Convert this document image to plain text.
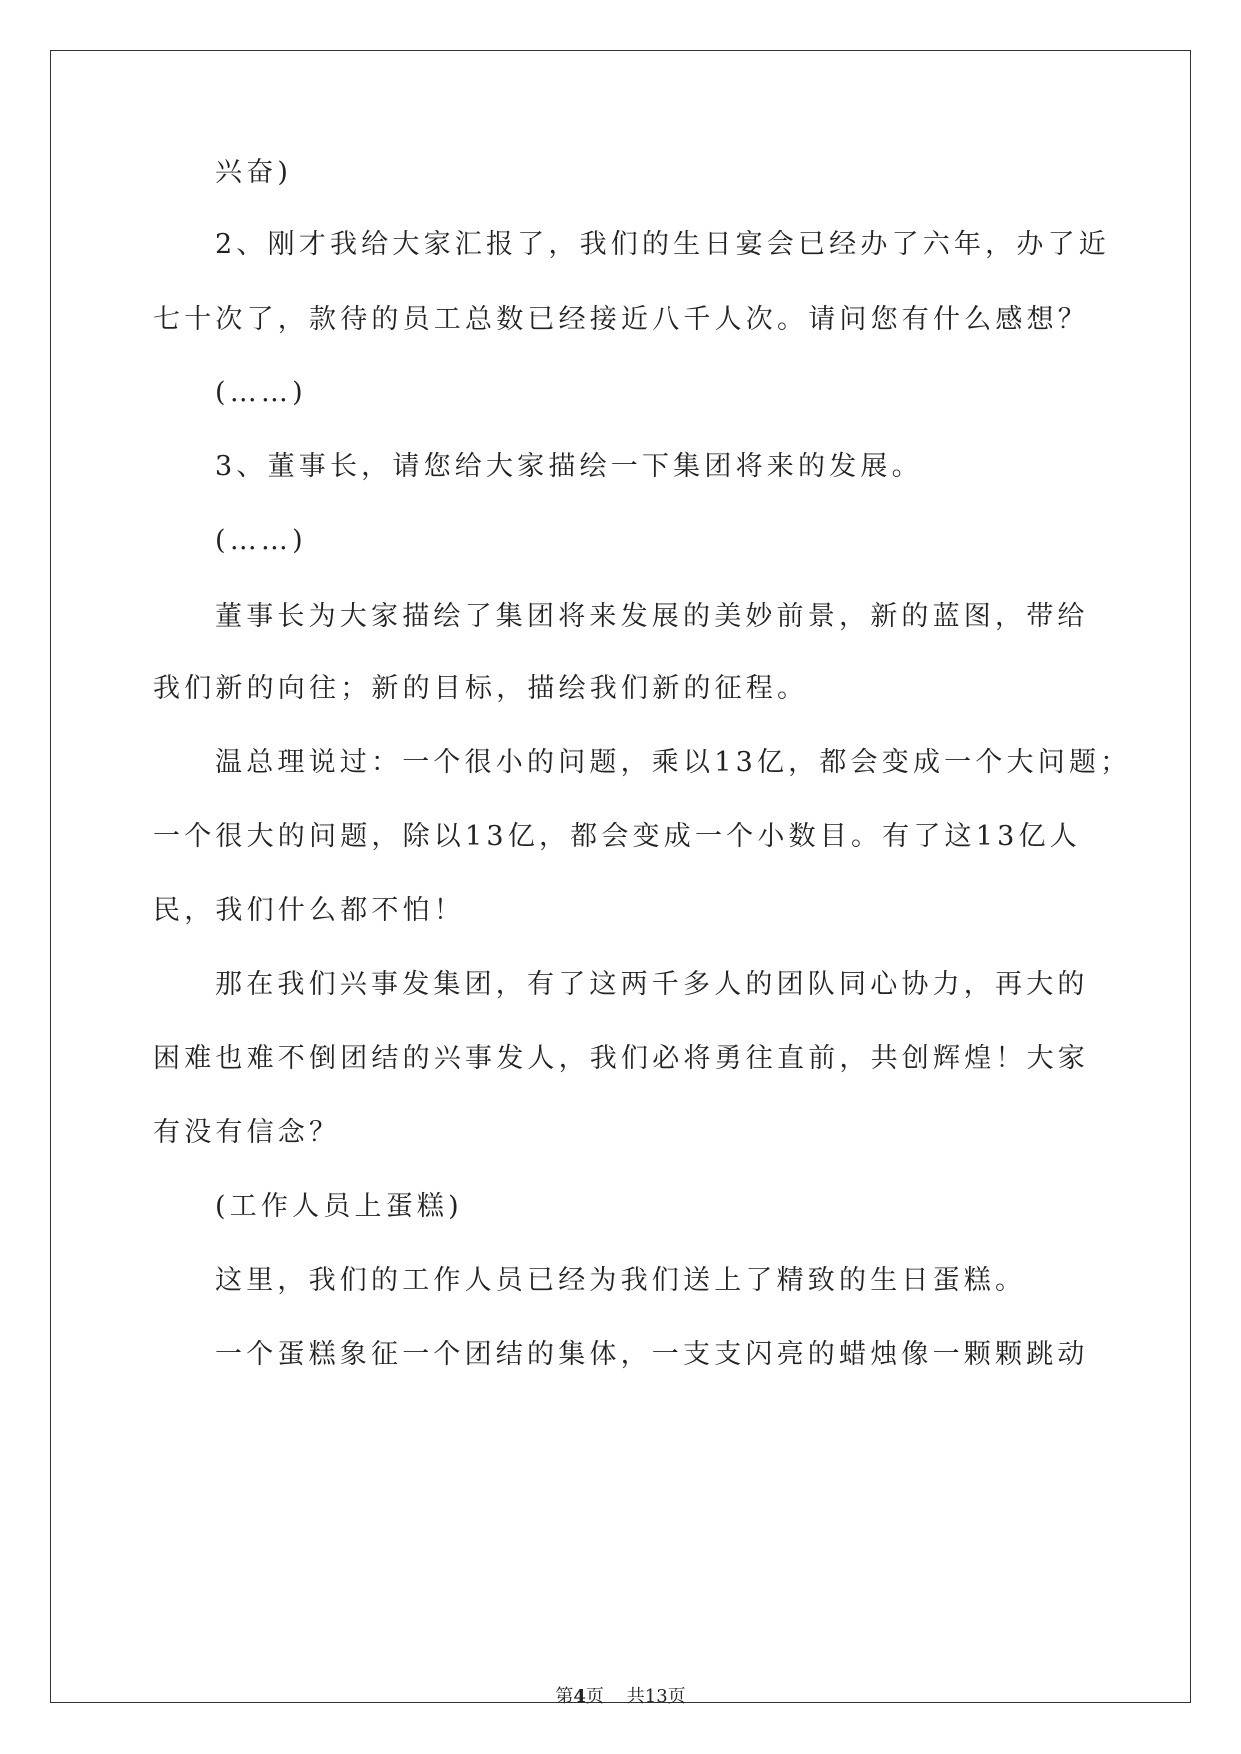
兴奋)
2、刚才我给大家汇报了，我们的生日宴会已经办了六年，办了近
七十次了，款待的员工总数已经接近八千人次。请问您有什么感想？
(……)
3、董事长，请您给大家描绘一下集团将来的发展。
(……)
董事长为大家描绘了集团将来发展的美妙前景，新的蓝图，带给
我们新的向往；新的目标，描绘我们新的征程。
温总理说过：一个很小的问题，乘以13亿，都会变成一个大问题；
一个很大的问题，除以13亿，都会变成一个小数目。有了这13亿人
民，我们什么都不怕！
那在我们兴事发集团，有了这两千多人的团队同心协力，再大的
困难也难不倒团结的兴事发人，我们必将勇往直前，共创辉煌！大家
有没有信念？
(工作人员上蛋糕)
这里，我们的工作人员已经为我们送上了精致的生日蛋糕。
一个蛋糕象征一个团结的集体，一支支闪亮的蜡烛像一颗颗跳动
第4页 共13页
